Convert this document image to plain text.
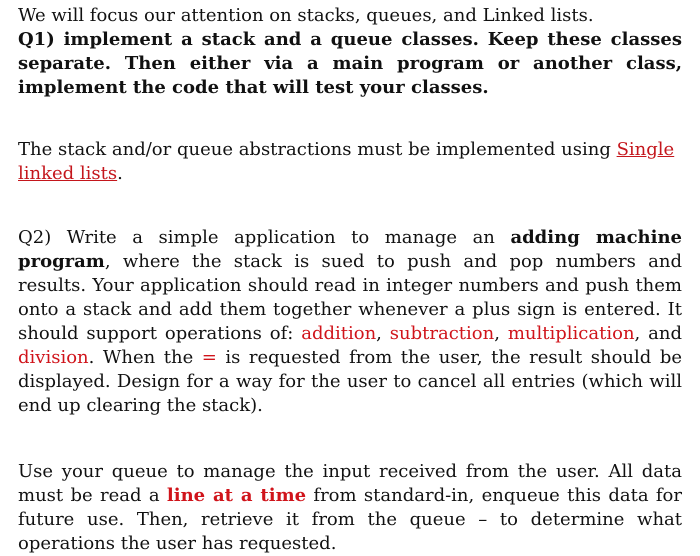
We will focus our attention on stacks, queues, and Linked lists.

Q1) implement a stack and a queue classes. Keep these classes separate. Then either via a main program or another class, implement the code that will test your classes.

The stack and/or queue abstractions must be implemented using Single linked lists.

Q2) Write a simple application to manage an adding machine program, where the stack is sued to push and pop numbers and results. Your application should read in integer numbers and push them onto a stack and add them together whenever a plus sign is entered. It should support operations of: addition, subtraction, multiplication, and division. When the = is requested from the user, the result should be displayed. Design for a way for the user to cancel all entries (which will end up clearing the stack).

Use your queue to manage the input received from the user. All data must be read a line at a time from standard-in, enqueue this data for future use. Then, retrieve it from the queue – to determine what operations the user has requested.
